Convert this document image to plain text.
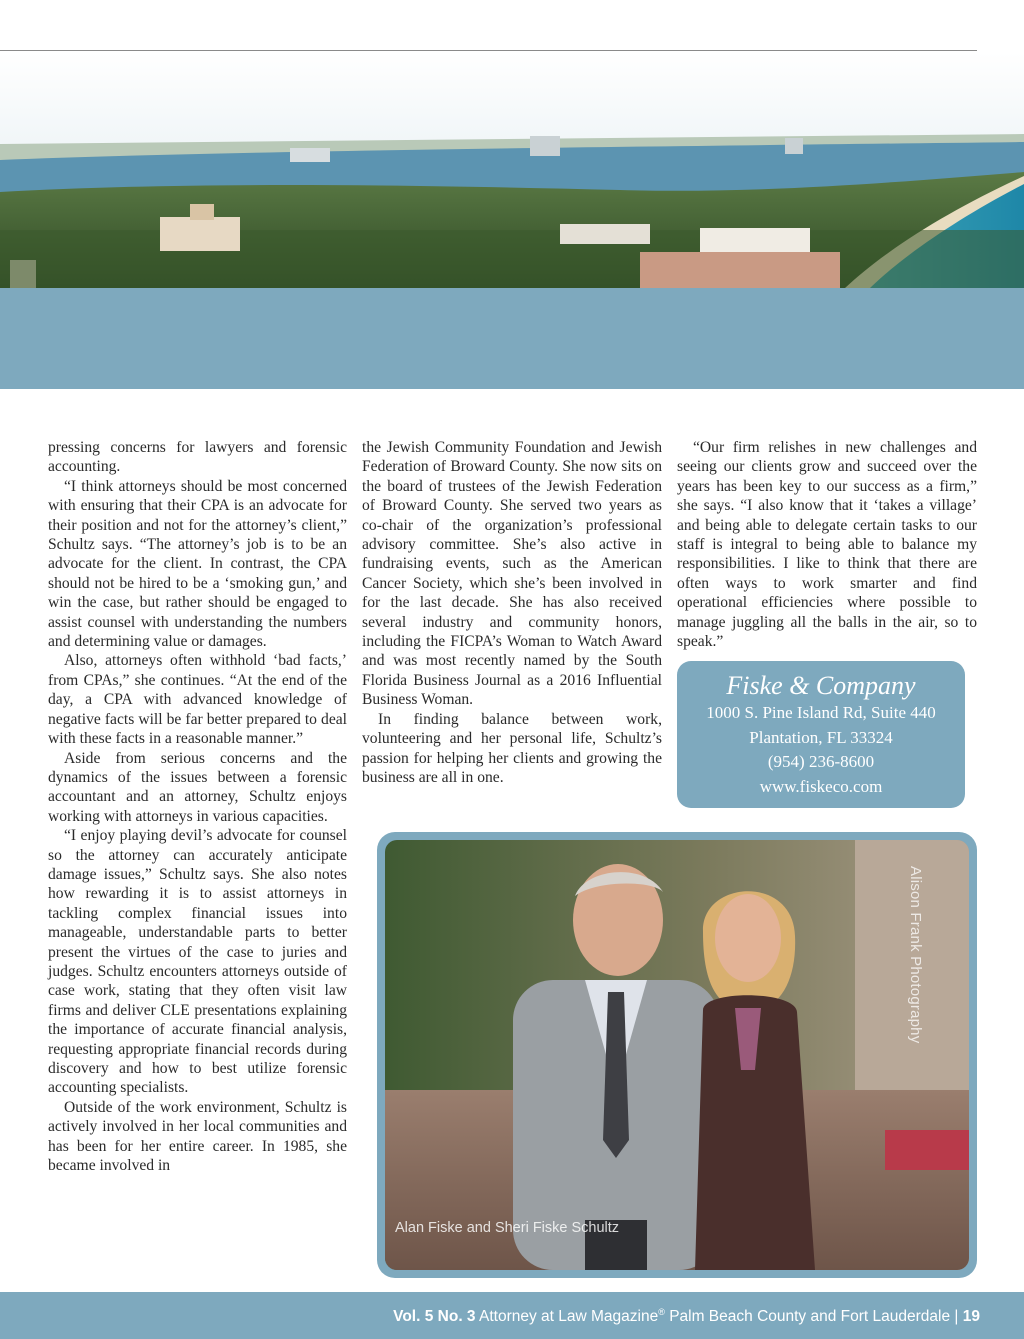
pressing concerns for lawyers and forensic accounting.

“I think attorneys should be most concerned with ensuring that their CPA is an advocate for their position and not for the attorney’s client,” Schultz says. “The attorney’s job is to be an advocate for the client. In contrast, the CPA should not be hired to be a ‘smoking gun,’ and win the case, but rather should be engaged to assist counsel with understanding the numbers and determining value or damages.

Also, attorneys often withhold ‘bad facts,’ from CPAs,” she continues. “At the end of the day, a CPA with advanced knowledge of negative facts will be far better prepared to deal with these facts in a reasonable manner.”

Aside from serious concerns and the dynamics of the issues between a forensic accountant and an attorney, Schultz enjoys working with attorneys in various capacities.

“I enjoy playing devil’s advocate for counsel so the attorney can accurately anticipate damage issues,” Schultz says. She also notes how rewarding it is to assist attorneys in tackling complex financial issues into manageable, understandable parts to better present the virtues of the case to juries and judges. Schultz encounters attorneys outside of case work, stating that they often visit law firms and deliver CLE presentations explaining the importance of accurate financial analysis, requesting appropriate financial records during discovery and how to best utilize forensic accounting specialists.

Outside of the work environment, Schultz is actively involved in her local communities and has been for her entire career. In 1985, she became involved in

the Jewish Community Foundation and Jewish Federation of Broward County. She now sits on the board of trustees of the Jewish Federation of Broward County. She served two years as co-chair of the organization’s professional advisory committee. She’s also active in fundraising events, such as the American Cancer Society, which she’s been involved in for the last decade. She has also received several industry and community honors, including the FICPA’s Woman to Watch Award and was most recently named by the South Florida Business Journal as a 2016 Influential Business Woman.

In finding balance between work, volunteering and her personal life, Schultz’s passion for helping her clients and growing the business are all in one.

“Our firm relishes in new challenges and seeing our clients grow and succeed over the years has been key to our success as a firm,” she says. “I also know that it ‘takes a village’ and being able to delegate certain tasks to our staff is integral to being able to balance my responsibilities. I like to think that there are often ways to work smarter and find operational efficiencies where possible to manage juggling all the balls in the air, so to speak.”

Fiske & Company
1000 S. Pine Island Rd, Suite 440
Plantation, FL 33324
(954) 236-8600
www.fiskeco.com
Alison Frank Photography
Alan Fiske and Sheri Fiske Schultz
Vol. 5 No. 3 Attorney at Law Magazine® Palm Beach County and Fort Lauderdale | 19
